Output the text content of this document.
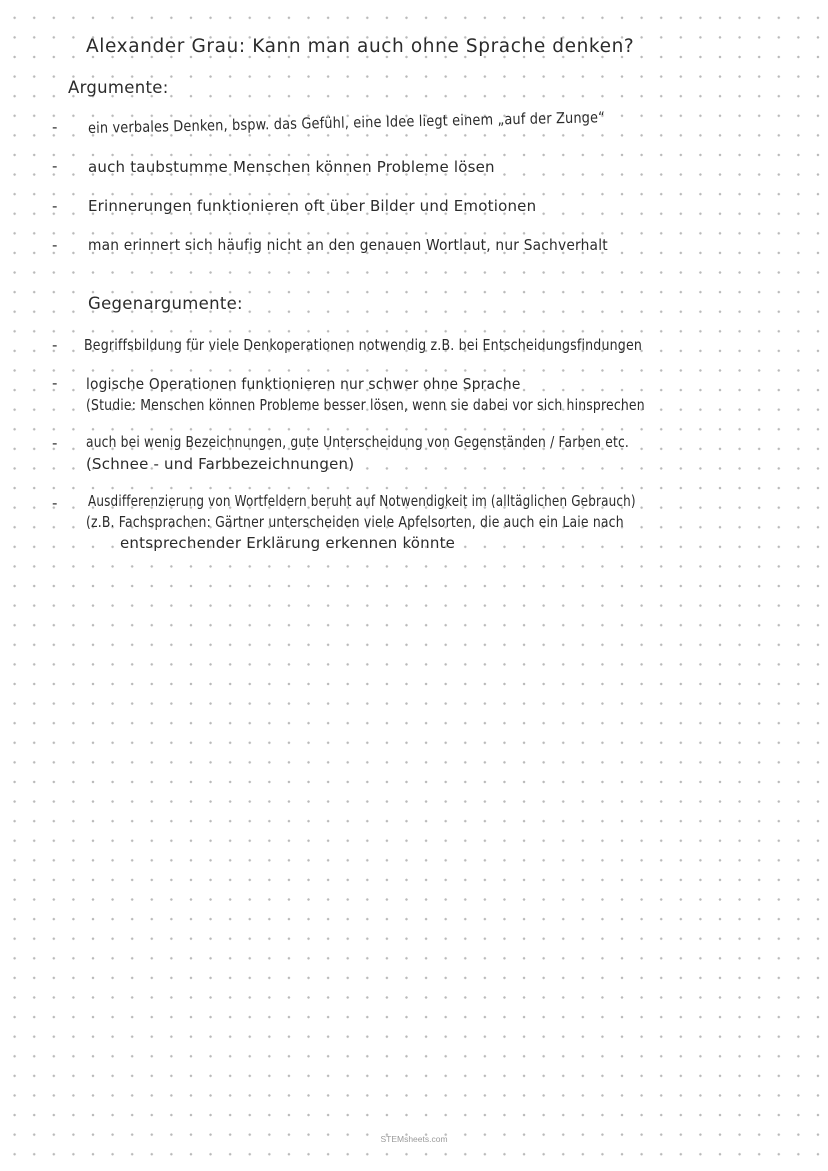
Alexander Grau: Kann man auch ohne Sprache denken?
Argumente:
- ein verbales Denken, bspw. das Gefühl, eine Idee liegt einem „auf der Zunge“
- auch taubstumme Menschen können Probleme lösen
- Erinnerungen funktionieren oft über Bilder und Emotionen
- man erinnert sich häufig nicht an den genauen Wortlaut, nur Sachverhalt
Gegenargumente:
- Begriffsbildung für viele Denkoperationen notwendig z.B. bei Entscheidungsfindungen
- logische Operationen funktionieren nur schwer ohne Sprache
(Studie: Menschen können Probleme besser lösen, wenn sie dabei vor sich hinsprechen
- auch bei wenig Bezeichnungen, gute Unterscheidung von Gegenständen / Farben etc.
(Schnee - und Farbbezeichnungen)
- Ausdifferenzierung von Wortfeldern beruht auf Notwendigkeit im (alltäglichen Gebrauch)
(z.B. Fachsprachen: Gärtner unterscheiden viele Apfelsorten, die auch ein Laie nach
entsprechender Erklärung erkennen könnte
STEMsheets.com
